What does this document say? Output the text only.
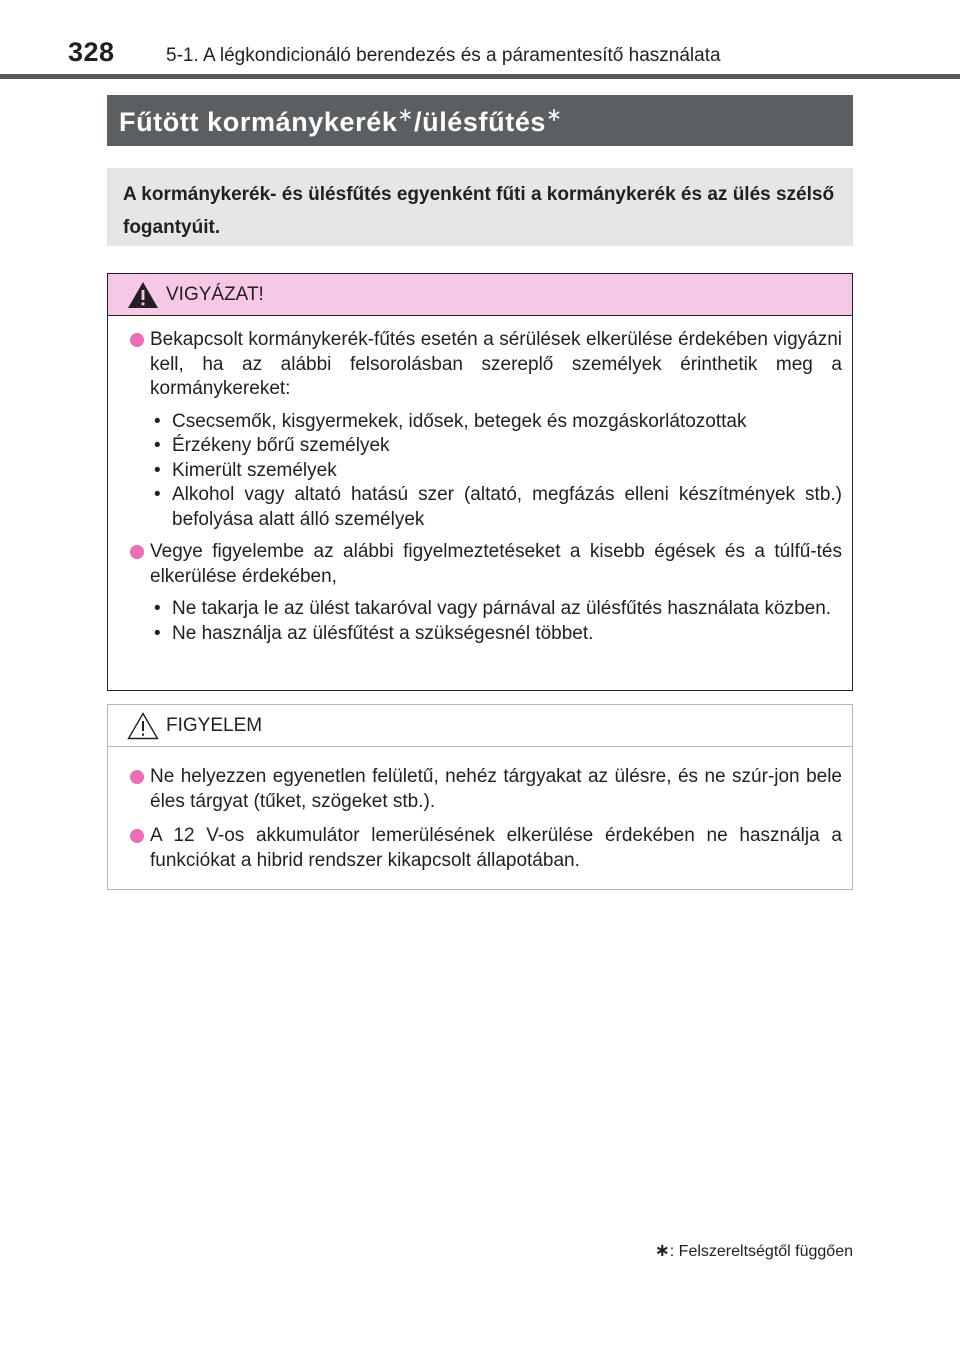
328	5-1. A légkondicionáló berendezés és a páramentesítő használata
Fűtött kormánykerék∗/ülésfűtés∗
A kormánykerék- és ülésfűtés egyenként fűti a kormánykerék és az ülés szélső fogantyúit.
VIGYÁZAT!
Bekapcsolt kormánykerék-fűtés esetén a sérülések elkerülése érdekében vigyázni kell, ha az alábbi felsorolásban szereplő személyek érinthetik meg a kormánykereket:
• Csecsemők, kisgyermekek, idősek, betegek és mozgáskorlátozottak
• Érzékeny bőrű személyek
• Kimerült személyek
• Alkohol vagy altató hatású szer (altató, megfázás elleni készítmények stb.) befolyása alatt álló személyek
Vegye figyelembe az alábbi figyelmeztetéseket a kisebb égések és a túlfű-tés elkerülése érdekében,
• Ne takarja le az ülést takaróval vagy párnával az ülésfűtés használata közben.
• Ne használja az ülésfűtést a szükségesnél többet.
FIGYELEM
Ne helyezzen egyenetlen felületű, nehéz tárgyakat az ülésre, és ne szúr-jon bele éles tárgyat (tűket, szögeket stb.).
A 12 V-os akkumulátor lemerülésének elkerülése érdekében ne használja a funkciókat a hibrid rendszer kikapcsolt állapotában.
∗: Felszereltségtől függően
